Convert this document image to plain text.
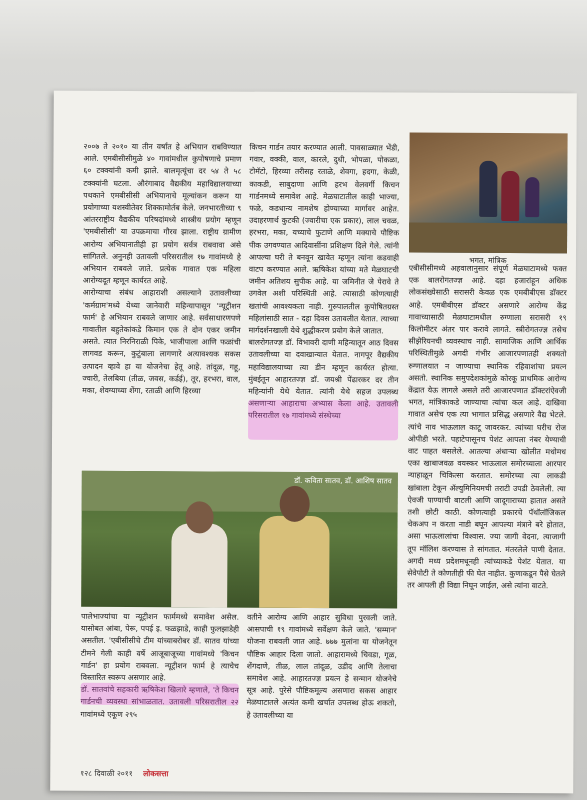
भगत, मांत्रिक

२००७ ते २०१० या तीन वर्षांत हे अभियान राबविण्यात आले. एमबीसीसीमुळे ४० गावांमधील कुपोषणाचे प्रमाण ६० टक्क्यांनी कमी झाले. बालमृत्यूंचा दर ५४ ते ५८ टक्क्यांनी घटला. औरंगाबाद वैद्यकीय महाविद्यालयाच्या पथकाने एमबीसीसी अभियानाचे मूल्यांकन करून या प्रयोगाच्या यशस्वीतेवर शिक्कामोर्तब केले. जनभारतीच्या ९ आंतरराष्ट्रीय वैद्यकीय परिषदांमध्ये शास्त्रीय प्रयोग म्हणून 'एमबीसीसी' या उपक्रमाचा गौरव झाला. राष्ट्रीय ग्रामीण आरोग्य अभियानातीही हा प्रयोग सर्वत्र राबवावा असे सांगितले. अनुनही उतावली परिसरातील १७ गावांमध्ये हे अभियान राबवले जाते. प्रत्येक गावात एक महिला आरोग्यदूत म्हणून कार्यरत आहे.

आरोग्याचा संबंध आहाराशी असल्याने उतावलीच्या 'कर्मग्राम'मध्ये येथ्या जानेवारी महिन्यापासून 'न्यूट्रीशन फार्म' हे अभियान राबवले जाणार आहे. सर्वसाधारणपणे गावातील बहुतेकांकडे किमान एक ते दोन एकर जमीन असते. त्यात निरनिराळी पिके, भाजीपाला आणि फळांची लागवड करून, कुटुंबाला लागणारे अत्यावश्यक सकस उत्पादन व्हावे हा या योजनेचा हेतू आहे. तांदूळ, गहू, ज्वारी, तेलबिया (तीळ, जवस, कर्डई), तूर, हरभरा, वाल, मका, शेवग्याच्या शेंगा, रताळी आणि हिरव्या

किचन गार्डन तयार करण्यात आली. पावसाळ्यात भेंडी, गवार, वक्की, वाल, कारले, दुधी, भोपळा, पोकळा, टोमॅटो, हिरव्या तरीसह रताळे, शेवगा, हदगा, केळी, काकडी, साबुदाणा आणि हरभ वेलवर्गी किचन गार्डनमध्ये समावेश आहे. मेळघाटातील काही भाज्या, फळे, कडधान्य नामशेष होण्याच्या मार्गावर आहेत. उदाहरणार्थ कुटकी (ज्वारीचा एक प्रकार), लाल चवळ, हरभरा, मका, यच्याचे फुटाणे आणि मक्याचे पौष्टिक पीक उगवण्यात आदिवासींना प्रशिक्षण दिले गेले. त्यांनी आपल्या घरी ते बनवून खावेत म्हणून त्यांना कडवाही वाटप करण्यात आले. ऋषिकेश यांच्या मते मेळघाटची जमीन अतिशय सुपीक आहे. या जमिनीत जे पेरावे ते उगवेल अशी परिस्थिती आहे. त्यासाठी कोणत्याही खतांची आवश्यकता नाही. गुरुपालतील कुपोषितग्रस्त महिलांसाठी सात - दहा दिवस उतावलीत येतात. त्याच्या मार्गदर्शनखाली येथे शुद्धीकरण प्रयोग केले जातात.

बालरोगतज्ज्ञ डॉ. विभावरी दाणी महिन्यातून आठ दिवस उतावलीच्या या दवाखान्यात येतात. नागपूर वैद्यकीय महाविद्यालयाच्या त्या डीन म्हणून कार्यरत होत्या. मुंबईतून आहारतज्ज्ञ डॉ. जयश्री पेंढारकर दर तीन महिन्यांनी येथे येतात. त्यांनी येथे सहज उपलब्ध असणाऱ्या आहाराचा अभ्यास केला आहे. उतावली परिसरातील १७ गावांमध्ये संस्थेच्या

एबीसीसीमध्ये अहवालानुसार संपूर्ण मेळघाटामध्ये फक्त एक बालरोगतज्ज्ञ आहे. दहा हजारांहून अधिक लोकसंख्येसाठी सरासरी केवळ एक एमबीबीएस डॉक्टर आहे. एमबीबीएस डॉक्टर असणारे आरोग्य केंद्र गावाच्यासाठी मेळघाटामधील रुग्णाला सरासरी १९ किलोमीटर अंतर पार करावे लागते. स्त्रीरोगतज्ज्ञ तसेच सीझेरियनची व्यवस्थाच नाही. सामाजिक आणि आर्थिक परिस्थितीमुळे अगदी गंभीर आजारपणातही शक्यतो रुग्णालयात न जाण्याचा स्थानिक रहिवाशांचा प्रयत्न असतो. स्थानिक समुपदेशकांमुळे कोरकू प्राथमिक आरोग्य केंद्रात येऊ लागले असले तरी आजारपणात डॉक्टरांऐवजी भगत, मांत्रिकाकडे जाण्याचा त्यांचा कल आहे. दाखिवा गावात असेच एक त्या भागात प्रसिद्ध असणारे वैद्य भेटले. त्यांचे नाव भाऊलाल काटू जावरकर. त्यांच्या घरीच रोज ओपीडी भरते. पहाटेपासूनच पेशंट आपला नंबर येण्याची वाट पाहत बसलेले. आतल्या अंधाऱ्या खोलीत मधोमध एका खाबाजवळ वयस्कर भाऊलाल समोरच्याला आरपार न्याहाळून चिकित्सा करतात. समोरच्या त्या लाकडी खांबाला टेकून ॲल्युमिनियमची तराटी उपडी ठेवलेली. त्या ऐवजी पाण्याची बाटली आणि जादूगाराच्या हातात असते तशी छोटी काठी. कोणत्याही प्रकारचे पॅथॉलॉजिकल चेकअप न करता नाडी बघून आपल्या मंत्राने बरे होतात, असा भाऊलालांचा विश्वास. ज्या जागी वेदना, त्याजागी तूप मॉलिश करण्यास ते सांगतात. मंतरलेले पाणी देतात. अगदी मध्य प्रदेशमधूनही त्यांच्याकडे पेशंट येतात. या सेवेपोटी ते कोणतीही फी घेत नाहीत. कुणाकडून पैसे घेतले तर आपली ही विद्या निघून जाईल, असे त्यांना वाटते.

डॉ. कविता सातव, डॉ. आशिष सातव

पालेभाज्यांचा या न्यूट्रीशन फार्ममध्ये समावेश असेल. यासोबत आंबा, पेरू, पपई इ. फळझाडे, काही फुलझाडेही असतील. 'एबीसीसीचे टीम यांच्याबरोबर डॉ. सातव यांच्या टीमने गेली काही वर्षे आजूबाजूच्या गावांमध्ये 'किचन गार्डन' हा प्रयोग राबवला. न्यूट्रीशन फार्म हे त्याचेच विस्तारित स्वरूप असणार आहे.

डॉ. सातवांचे सहकारी ऋषिकेश खिलारे म्हणाले, 'ते किचन गार्डनची व्यवस्था सांभाळतात. उतावली परिसरातील २२ गावांमध्ये एकूण २९५

वतीने आरोग्य आणि आहार सुविधा पुरवली जाते. आसपाची १९ गावांमध्ये सर्वेक्षण केले जाते. 'सम्मान' योजना राबवली जात आहे. ७७७ मुलांना या योजनेतून पौष्टिक आहार दिला जातो. आहारामध्ये चिवडा, गूळ, शेंगदाणे, तीळ, लाल तांदूळ, उडीद आणि तेलाचा समावेश आहे. आहारतज्ज्ञ प्रयत्न हे सन्मान योजनेचे सूत्र आहे. पुरेसे पौष्टिकमूल्य असणारा सकस आहार मेळघाटातले अत्यंत कमी खर्चात उपलब्ध होऊ शकतो, हे उतावलीच्या या

१२८ दिवाळी २०११ लोकसत्ता
